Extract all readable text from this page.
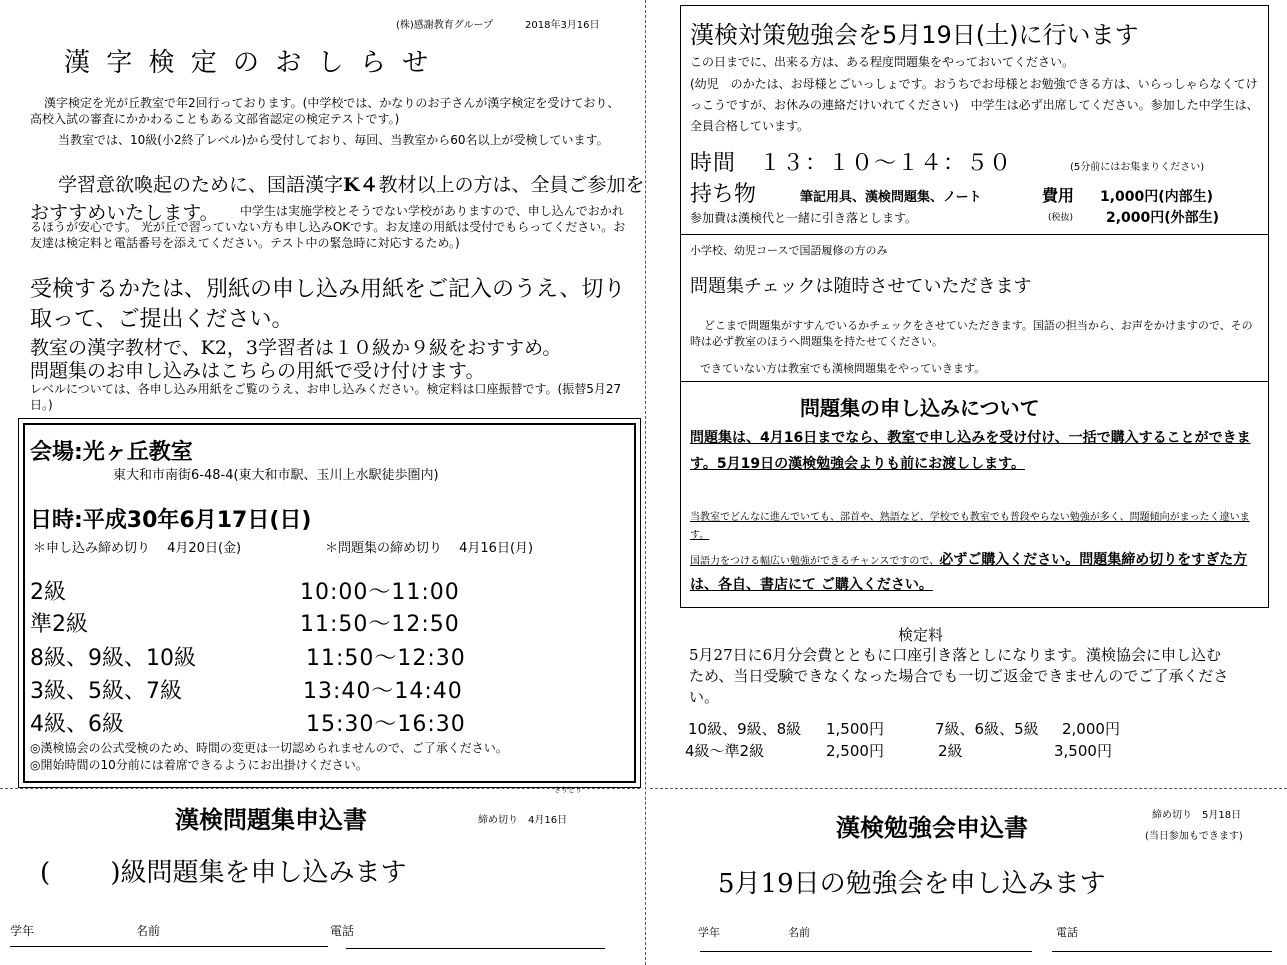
(株)感謝教育グループ	2018年3月16日
漢 字 検 定 の お し ら せ
漢字検定を光が丘教室で年2回行っております。(中学校では、かなりのお子さんが漢字検定を受けており、高校入試の審査にかかわることもある文部省認定の検定テストです。)
当教室では、10級(小2終了レベル)から受付しており、毎回、当教室から60名以上が受検しています。
学習意欲喚起のために、国語漢字K４教材以上の方は、全員ご参加を
おすすめいたします。	中学生は実施学校とそうでない学校がありますので、申し込んでおかれるほうが安心です。 光が丘で習っていない方も申し込みOKです。お友達の用紙は受付でもらってください。お友達は検定料と電話番号を添えてください。テスト中の緊急時に対応するため。)
受検するかたは、別紙の申し込み用紙をご記入のうえ、切り取って、ご提出ください。
教室の漢字教材で、K2，3学習者は１０級か９級をおすすめ。
問題集のお申し込みはこちらの用紙で受け付けます。
レベルについては、各申し込み用紙をご覧のうえ、お申し込みください。検定料は口座振替です。(振替5月27日。)
会場:光ヶ丘教室
東大和市南街6-48-4(東大和市駅、玉川上水駅徒歩圏内)
日時:平成30年6月17日(日)
＊申し込み締め切り　 4月20日(金)	＊問題集の締め切り　 4月16日(月)
2級	10:00〜11:00
準2級	11:50〜12:50
8級、9級、10級	11:50〜12:30
3級、5級、7級	13:40〜14:40
4級、6級	15:30〜16:30
◎漢検協会の公式受検のため、時間の変更は一切認められませんので、ご了承ください。
◎開始時間の10分前には着席できるようにお出掛けください。
きりとり
漢検対策勉強会を5月19日(土)に行います
この日までに、出来る方は、ある程度問題集をやっておいてください。
(幼児　のかたは、お母様とごいっしょです。おうちでお母様とお勉強できる方は、いらっしゃらなくてけっこうですが、お休みの連絡だけいれてください)　中学生は必ず出席してください。参加した中学生は、全員合格しています。
時間　１３：１０〜１４：５０	(5分前にはお集まりください)
持ち物	筆記用具、漢検問題集、ノート	費用 1,000円(内部生)
参加費は漢検代と一緒に引き落とします。	(税抜) 2,000円(外部生)
小学校、幼児コースで国語履修の方のみ
問題集チェックは随時させていただきます
どこまで問題集がすすんでいるかチェックをさせていただきます。国語の担当から、お声をかけますので、その時は必ず教室のほうへ問題集を持たせてください。
できていない方は教室でも漢検問題集をやっていきます。
問題集の申し込みについて
問題集は、4月16日までなら、教室で申し込みを受け付け、一括で購入することができます。5月19日の漢検勉強会よりも前にお渡しします。
当教室でどんなに進んでいても、部首や、熟語など、学校でも教室でも普段やらない勉強が多く、問題傾向がまったく違います。
国語力をつける幅広い勉強ができるチャンスですので、必ずご購入ください。問題集締め切りをすぎた方は、各自、書店にて ご購入ください。
検定料
5月27日に6月分会費とともに口座引き落としになります。漢検協会に申し込むため、当日受験できなくなった場合でも一切ご返金できませんのでご了承ください。
10級、9級、8級 1,500円	7級、6級、5級 2,000円
4級〜準2級	2,500円	2級	3,500円
漢検問題集申込書	締め切り　4月16日
(　　 )級問題集を申し込みます
学年	名前	電話
漢検勉強会申込書	締め切り　5月18日
(当日参加もできます)
5月19日の勉強会を申し込みます
学年	名前	電話
